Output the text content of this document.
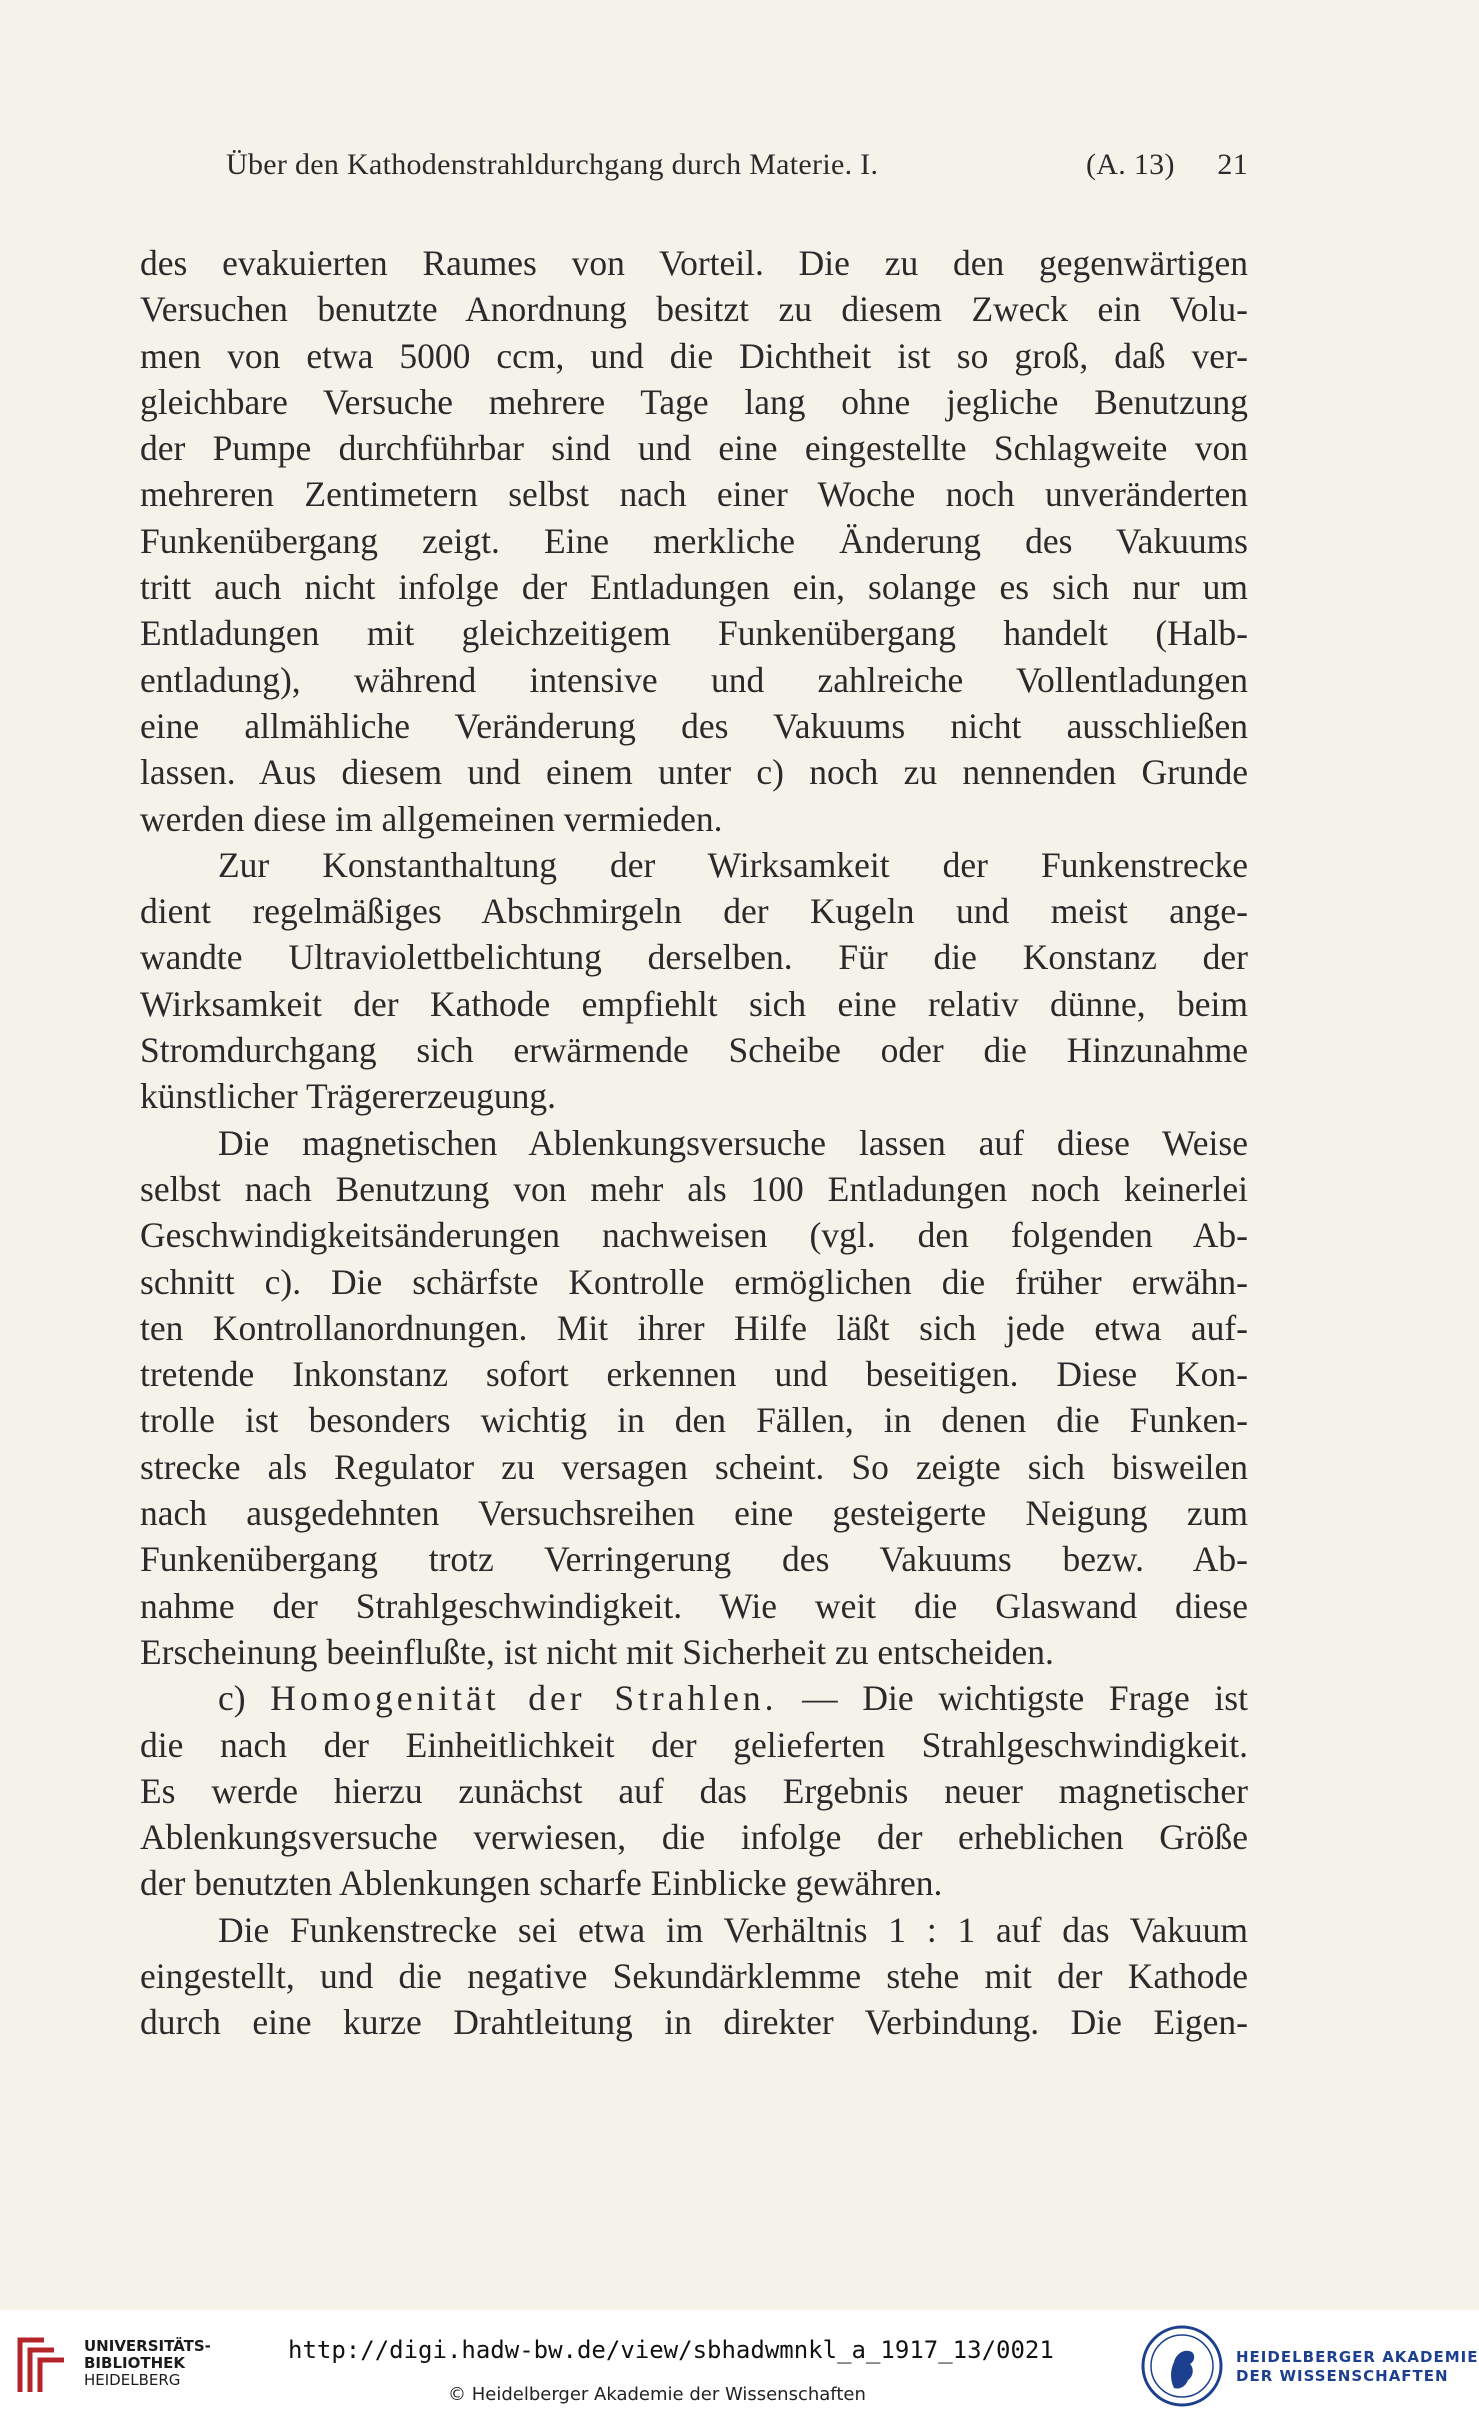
Über den Kathodenstrahldurchgang durch Materie. I.	(A. 13) 21
des evakuierten Raumes von Vorteil. Die zu den gegenwärtigen
Versuchen benutzte Anordnung besitzt zu diesem Zweck ein Volu-
men von etwa 5000 ccm, und die Dichtheit ist so groß, daß ver-
gleichbare Versuche mehrere Tage lang ohne jegliche Benutzung
der Pumpe durchführbar sind und eine eingestellte Schlagweite von
mehreren Zentimetern selbst nach einer Woche noch unveränderten
Funkenübergang zeigt. Eine merkliche Änderung des Vakuums
tritt auch nicht infolge der Entladungen ein, solange es sich nur um
Entladungen mit gleichzeitigem Funkenübergang handelt (Halb-
entladung), während intensive und zahlreiche Vollentladungen
eine allmähliche Veränderung des Vakuums nicht ausschließen
lassen. Aus diesem und einem unter c) noch zu nennenden Grunde
werden diese im allgemeinen vermieden.
Zur Konstanthaltung der Wirksamkeit der Funkenstrecke
dient regelmäßiges Abschmirgeln der Kugeln und meist ange-
wandte Ultraviolettbelichtung derselben. Für die Konstanz der
Wirksamkeit der Kathode empfiehlt sich eine relativ dünne, beim
Stromdurchgang sich erwärmende Scheibe oder die Hinzunahme
künstlicher Trägererzeugung.
Die magnetischen Ablenkungsversuche lassen auf diese Weise
selbst nach Benutzung von mehr als 100 Entladungen noch keinerlei
Geschwindigkeitsänderungen nachweisen (vgl. den folgenden Ab-
schnitt c). Die schärfste Kontrolle ermöglichen die früher erwähn-
ten Kontrollanordnungen. Mit ihrer Hilfe läßt sich jede etwa auf-
tretende Inkonstanz sofort erkennen und beseitigen. Diese Kon-
trolle ist besonders wichtig in den Fällen, in denen die Funken-
strecke als Regulator zu versagen scheint. So zeigte sich bisweilen
nach ausgedehnten Versuchsreihen eine gesteigerte Neigung zum
Funkenübergang trotz Verringerung des Vakuums bezw. Ab-
nahme der Strahlgeschwindigkeit. Wie weit die Glaswand diese
Erscheinung beeinflußte, ist nicht mit Sicherheit zu entscheiden.
c) Homogenität der Strahlen. — Die wichtigste Frage ist
die nach der Einheitlichkeit der gelieferten Strahlgeschwindigkeit.
Es werde hierzu zunächst auf das Ergebnis neuer magnetischer
Ablenkungsversuche verwiesen, die infolge der erheblichen Größe
der benutzten Ablenkungen scharfe Einblicke gewähren.
Die Funkenstrecke sei etwa im Verhältnis 1 : 1 auf das Vakuum
eingestellt, und die negative Sekundärklemme stehe mit der Kathode
durch eine kurze Drahtleitung in direkter Verbindung. Die Eigen-
UNIVERSITÄTS-
BIBLIOTHEK
HEIDELBERG
http://digi.hadw-bw.de/view/sbhadwmnkl_a_1917_13/0021
© Heidelberger Akademie der Wissenschaften
HEIDELBERGER AKADEMIE
DER WISSENSCHAFTEN
